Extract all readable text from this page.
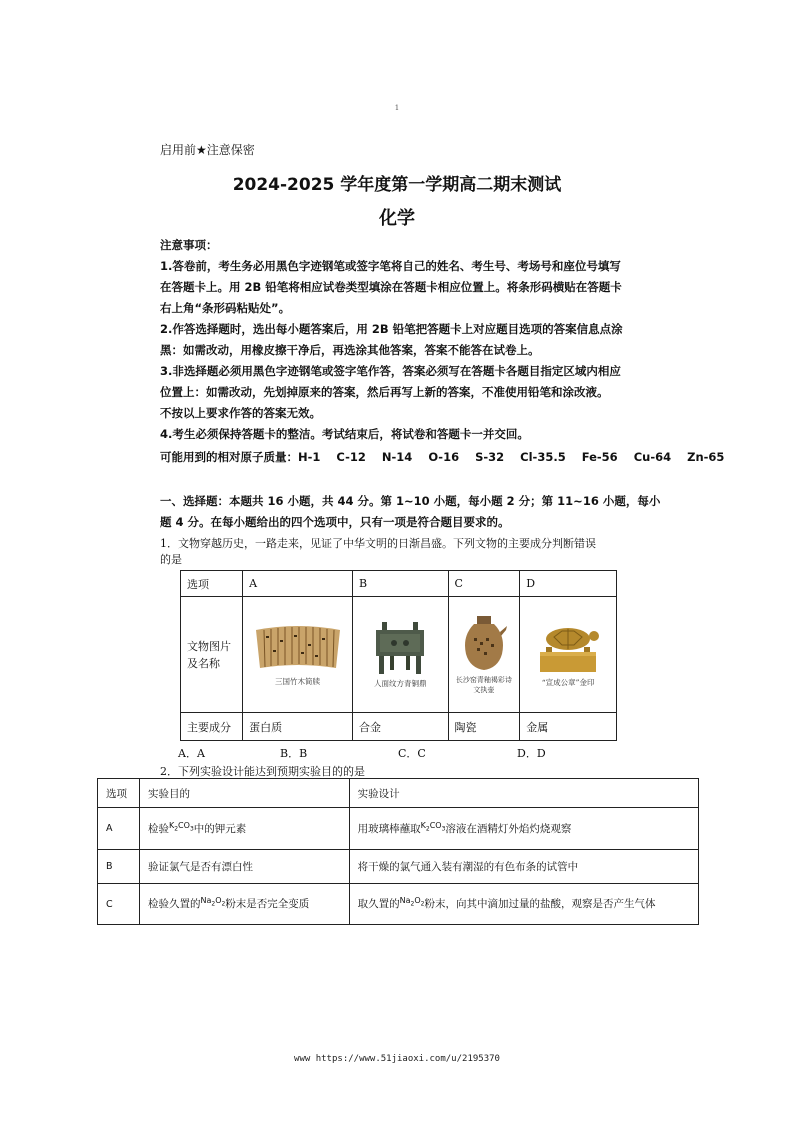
1
启用前★注意保密
2024-2025 学年度第一学期高二期末测试
化学
注意事项：
1.答卷前，考生务必用黑色字迹钢笔或签字笔将自己的姓名、考生号、考场号和座位号填写
在答题卡上。用 2B 铅笔将相应试卷类型填涂在答题卡相应位置上。将条形码横贴在答题卡
右上角“条形码粘贴处”。
2.作答选择题时，选出每小题答案后，用 2B 铅笔把答题卡上对应题目选项的答案信息点涂
黑：如需改动，用橡皮擦干净后，再选涂其他答案，答案不能答在试卷上。
3.非选择题必须用黑色字迹钢笔或签字笔作答，答案必须写在答题卡各题目指定区域内相应
位置上：如需改动，先划掉原来的答案，然后再写上新的答案，不准使用铅笔和涂改液。
不按以上要求作答的答案无效。
4.考生必须保持答题卡的整洁。考试结束后，将试卷和答题卡一并交回。
可能用到的相对原子质量：H-1    C-12    N-14    O-16    S-32    Cl-35.5    Fe-56    Cu-64    Zn-65
一、选择题：本题共 16 小题，共 44 分。第 1~10 小题，每小题 2 分；第 11~16 小题，每小
题 4 分。在每小题给出的四个选项中，只有一项是符合题目要求的。
1．文物穿越历史，一路走来，见证了中华文明的日渐昌盛。下列文物的主要成分判断错误
的是
选项	A	B	C	D
文物图片及名称	三国竹木简牍	人面纹方青铜鼎	长沙窑青釉褐彩诗文执壶	“宣成公章”金印

主要成分	蛋白质	合金	陶瓷	金属
A．A	B．B	C．C	D．D
2．下列实验设计能达到预期实验目的的是
选项	实验目的	实验设计
A	检验$^{K_2CO_3}$中的钾元素	用玻璃棒蘸取$^{K_2CO_3}$溶液在酒精灯外焰灼烧观察
B	验证氯气是否有漂白性	将干燥的氯气通入装有潮湿的有色布条的试管中
C	检验久置的$^{Na_2O_2}$粉末是否完全变质	取久置的$^{Na_2O_2}$粉末，向其中滴加过量的盐酸，观察是否产生气体
www https://www.51jiaoxi.com/u/2195370
